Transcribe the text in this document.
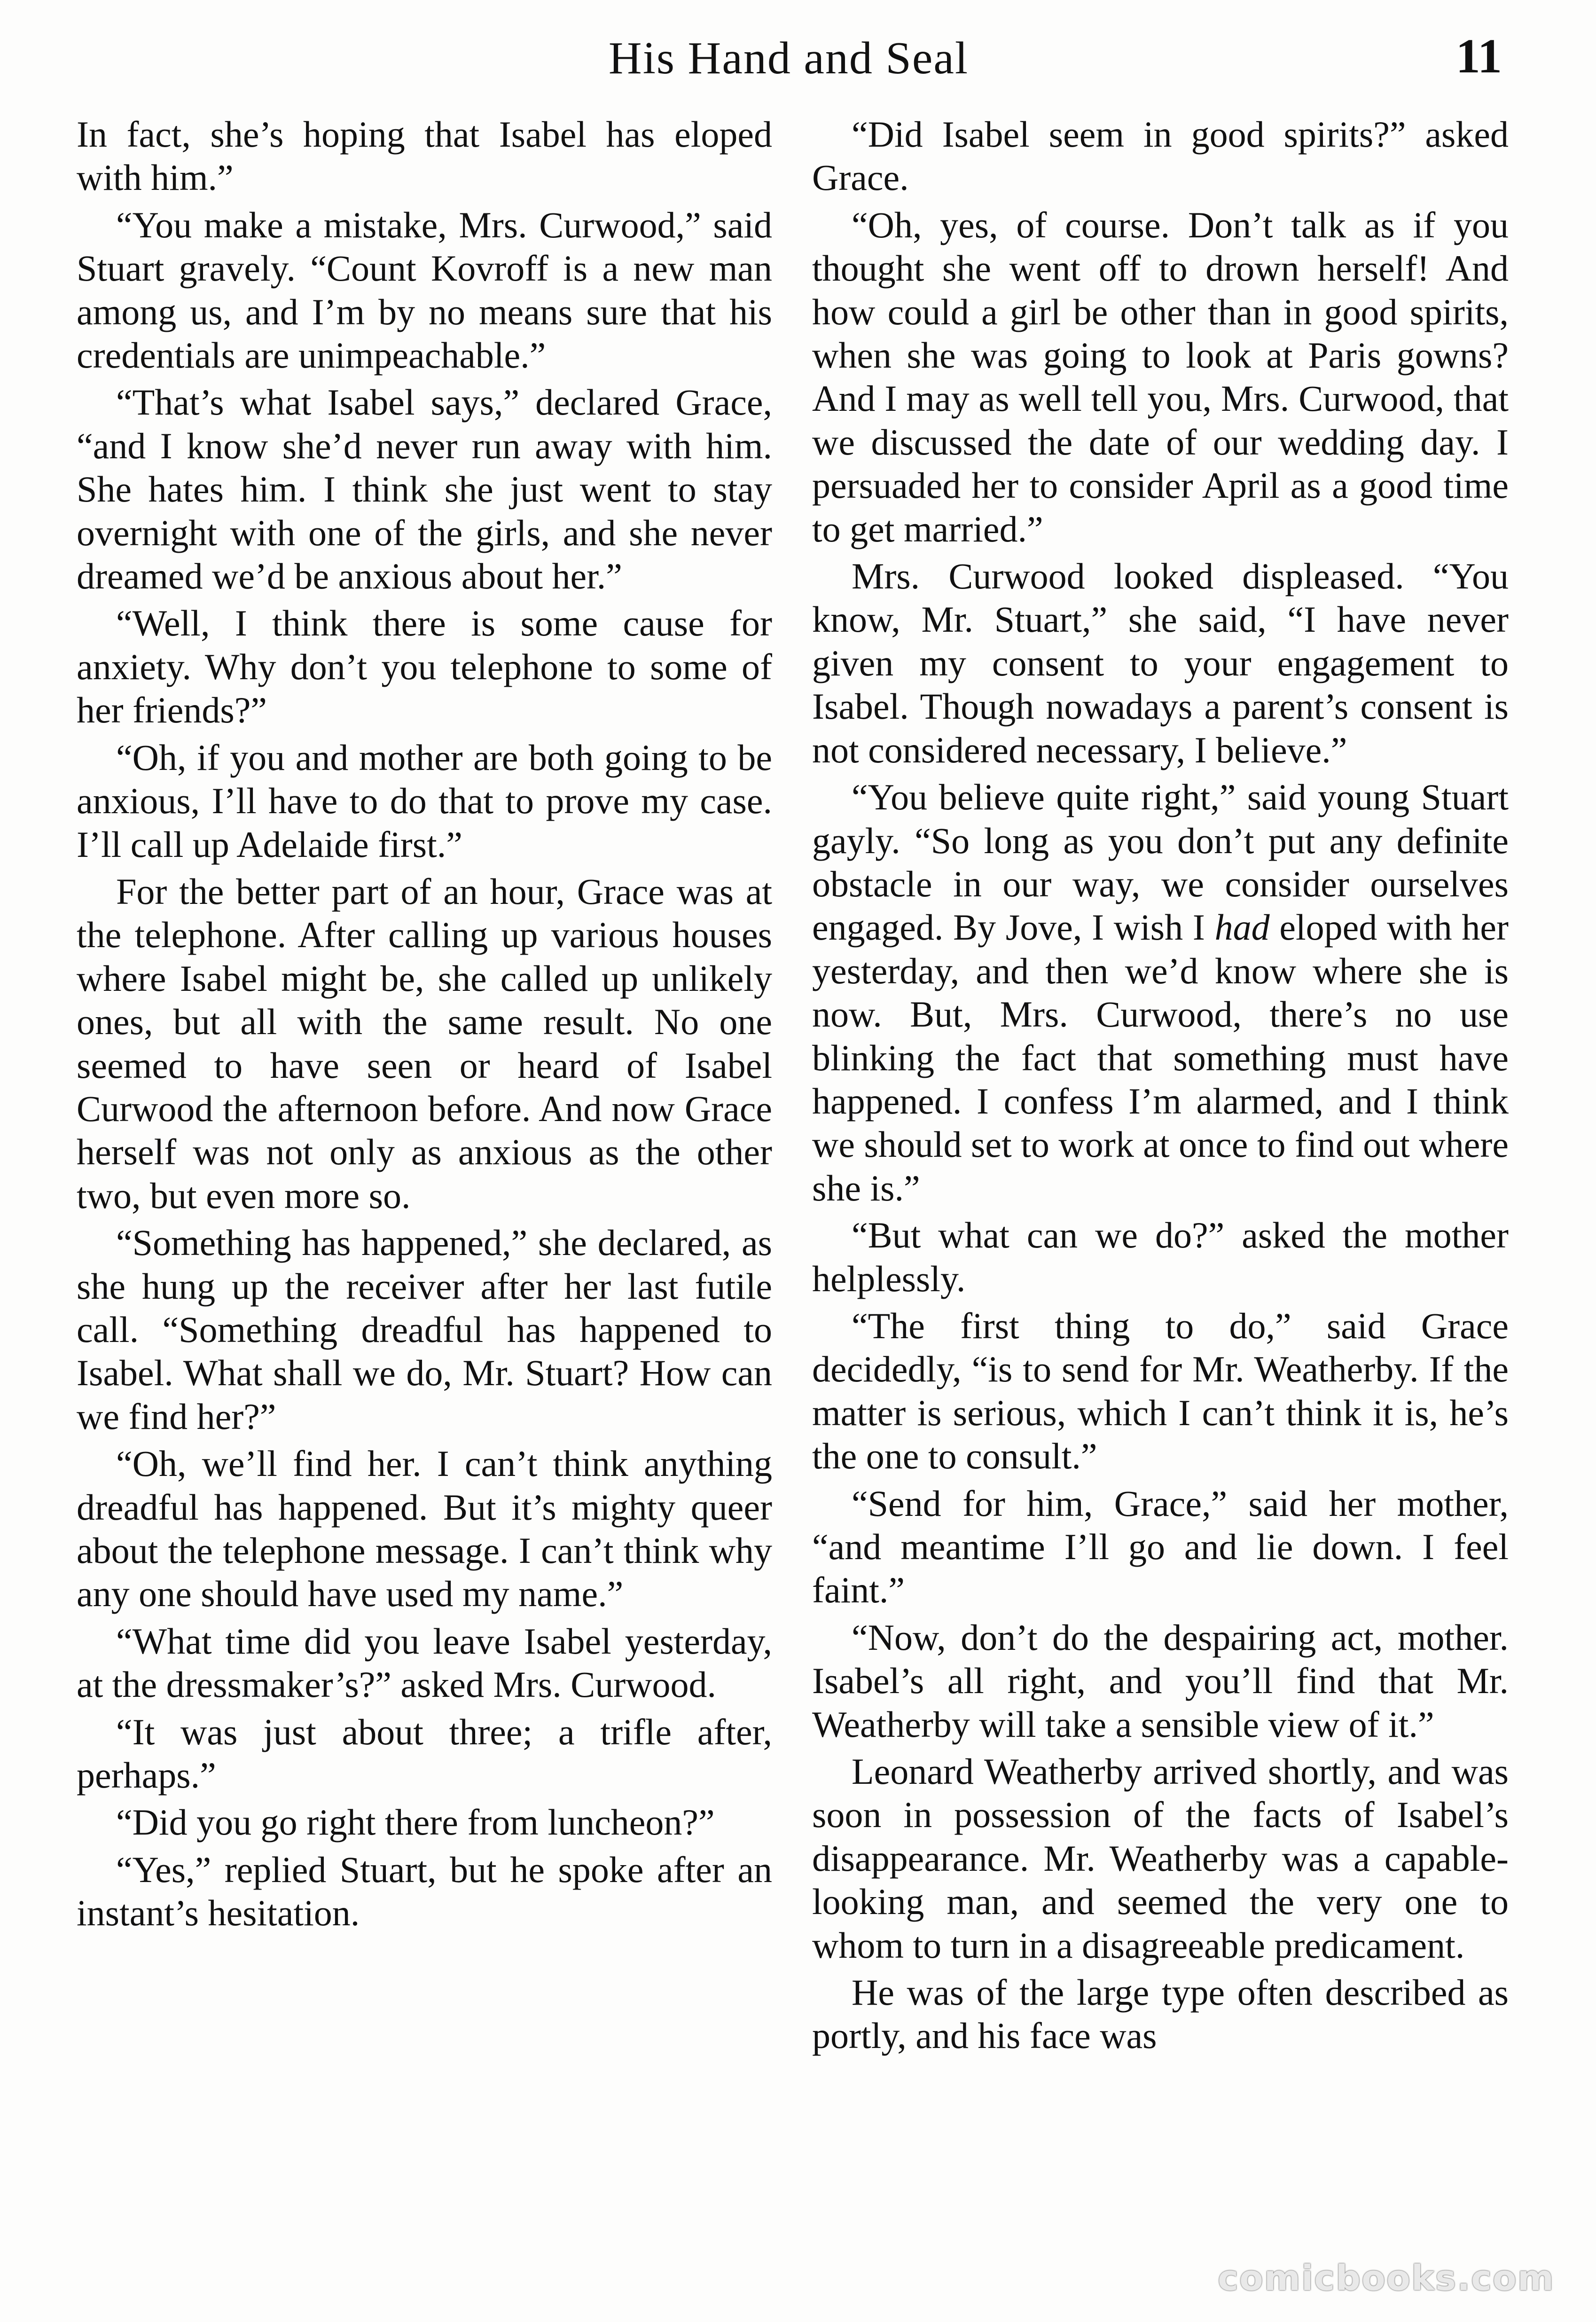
His Hand and Seal	11

In fact, she’s hoping that Isabel has eloped with him.”

“You make a mistake, Mrs. Curwood,” said Stuart gravely. “Count Kovroff is a new man among us, and I’m by no means sure that his credentials are unimpeachable.”

“That’s what Isabel says,” declared Grace, “and I know she’d never run away with him. She hates him. I think she just went to stay overnight with one of the girls, and she never dreamed we’d be anxious about her.”

“Well, I think there is some cause for anxiety. Why don’t you telephone to some of her friends?”

“Oh, if you and mother are both going to be anxious, I’ll have to do that to prove my case. I’ll call up Adelaide first.”

For the better part of an hour, Grace was at the telephone. After calling up various houses where Isabel might be, she called up unlikely ones, but all with the same result. No one seemed to have seen or heard of Isabel Curwood the afternoon before. And now Grace herself was not only as anxious as the other two, but even more so.

“Something has happened,” she declared, as she hung up the receiver after her last futile call. “Something dreadful has happened to Isabel. What shall we do, Mr. Stuart? How can we find her?”

“Oh, we’ll find her. I can’t think anything dreadful has happened. But it’s mighty queer about the telephone message. I can’t think why any one should have used my name.”

“What time did you leave Isabel yesterday, at the dressmaker’s?” asked Mrs. Curwood.

“It was just about three; a trifle after, perhaps.”

“Did you go right there from luncheon?”

“Yes,” replied Stuart, but he spoke after an instant’s hesitation.

“Did Isabel seem in good spirits?” asked Grace.

“Oh, yes, of course. Don’t talk as if you thought she went off to drown herself! And how could a girl be other than in good spirits, when she was going to look at Paris gowns? And I may as well tell you, Mrs. Curwood, that we discussed the date of our wedding day. I persuaded her to consider April as a good time to get married.”

Mrs. Curwood looked displeased. “You know, Mr. Stuart,” she said, “I have never given my consent to your engagement to Isabel. Though nowadays a parent’s consent is not considered necessary, I believe.”

“You believe quite right,” said young Stuart gayly. “So long as you don’t put any definite obstacle in our way, we consider ourselves engaged. By Jove, I wish I had eloped with her yesterday, and then we’d know where she is now. But, Mrs. Curwood, there’s no use blinking the fact that something must have happened. I confess I’m alarmed, and I think we should set to work at once to find out where she is.”

“But what can we do?” asked the mother helplessly.

“The first thing to do,” said Grace decidedly, “is to send for Mr. Weatherby. If the matter is serious, which I can’t think it is, he’s the one to consult.”

“Send for him, Grace,” said her mother, “and meantime I’ll go and lie down. I feel faint.”

“Now, don’t do the despairing act, mother. Isabel’s all right, and you’ll find that Mr. Weatherby will take a sensible view of it.”

Leonard Weatherby arrived shortly, and was soon in possession of the facts of Isabel’s disappearance. Mr. Weatherby was a capable-looking man, and seemed the very one to whom to turn in a disagreeable predicament.

He was of the large type often described as portly, and his face was

comicbooks.com
